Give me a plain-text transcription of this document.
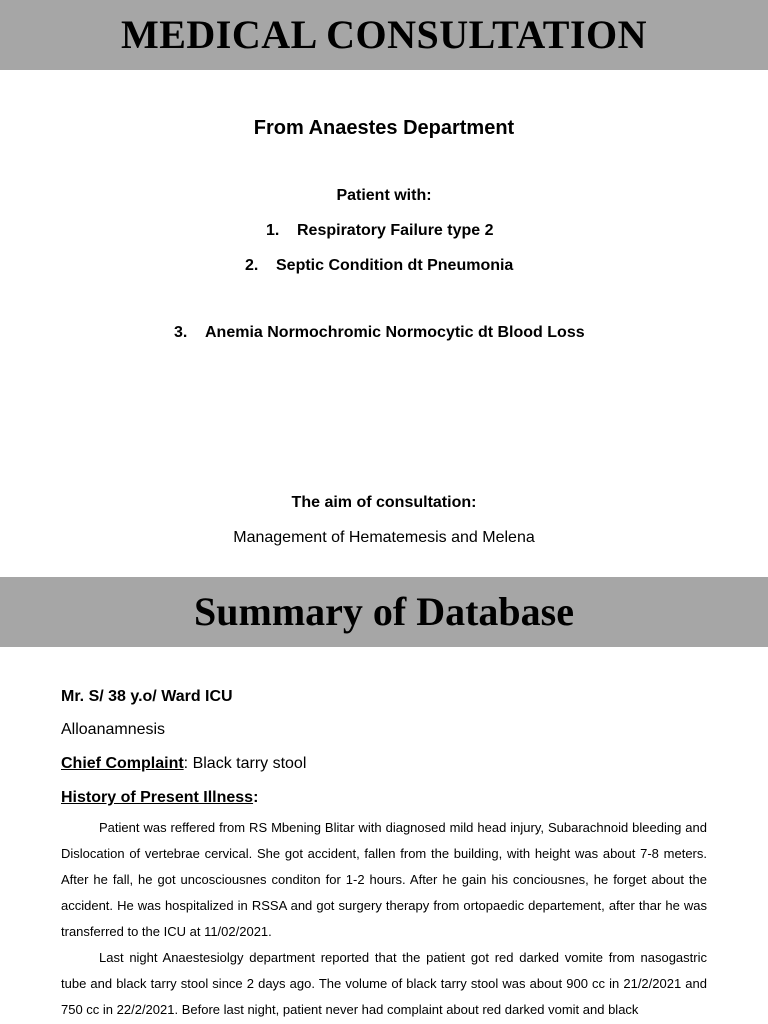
MEDICAL CONSULTATION
From Anaestes Department
Patient with:
1. Respiratory Failure type 2
2. Septic Condition dt Pneumonia
3. Anemia Normochromic Normocytic dt Blood Loss
The aim of consultation:
Management of Hematemesis and Melena
Summary of Database
Mr. S/ 38 y.o/ Ward ICU
Alloanamnesis
Chief Complaint: Black tarry stool
History of Present Illness:
Patient was reffered from RS Mbening Blitar with diagnosed mild head injury, Subarachnoid bleeding and Dislocation of vertebrae cervical. She got accident, fallen from the building, with height was about 7-8 meters. After he fall, he got uncosciousnes conditon for 1-2 hours. After he gain his conciousnes, he forget about the accident. He was hospitalized in RSSA and got surgery therapy from ortopaedic departement, after thar he was transferred to the ICU at 11/02/2021.
Last night Anaestesiolgy department reported that the patient got red darked vomite from nasogastric tube and black tarry stool since 2 days ago. The volume of black tarry stool was about 900 cc in 21/2/2021 and 750 cc in 22/2/2021. Before last night, patient never had complaint about red darked vomit and black
